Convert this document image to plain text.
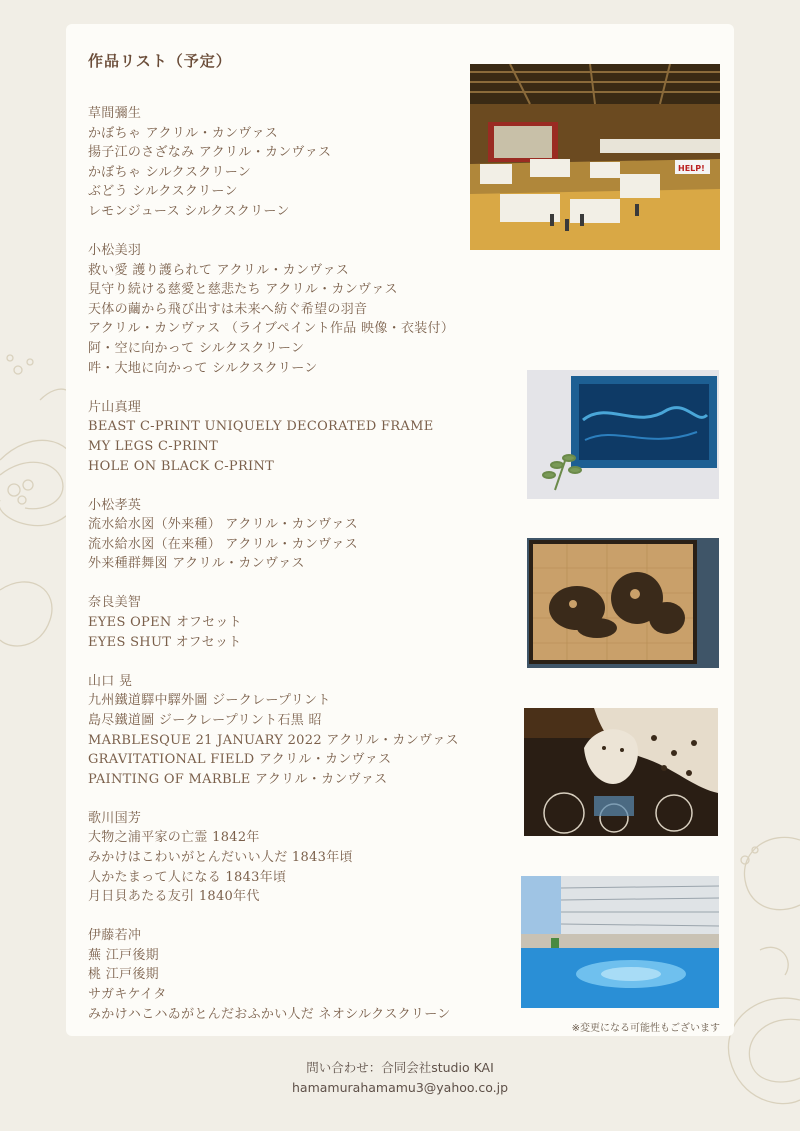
作品リスト（予定）
草間彌生
かぼちゃ アクリル・カンヴァス
揚子江のさざなみ アクリル・カンヴァス
かぼちゃ シルクスクリーン
ぶどう シルクスクリーン
レモンジュース シルクスクリーン
小松美羽
救い愛 護り護られて アクリル・カンヴァス
見守り続ける慈愛と慈悲たち アクリル・カンヴァス
天体の繭から飛び出すは未来へ紡ぐ希望の羽音
アクリル・カンヴァス （ライブペイント作品 映像・衣装付）
阿・空に向かって シルクスクリーン
吽・大地に向かって シルクスクリーン
片山真理
BEAST C-PRINT UNIQUELY DECORATED FRAME
MY LEGS C-PRINT
HOLE ON BLACK C-PRINT
小松孝英
流水給水図（外来種） アクリル・カンヴァス
流水給水図（在来種） アクリル・カンヴァス
外来種群舞図 アクリル・カンヴァス
奈良美智
EYES OPEN オフセット
EYES SHUT オフセット
山口 晃
九州鐵道驛中驛外圖 ジークレープリント
島尽鐵道圖 ジークレープリント石黒 昭
MARBLESQUE 21 JANUARY 2022 アクリル・カンヴァス
GRAVITATIONAL FIELD アクリル・カンヴァス
PAINTING OF MARBLE アクリル・カンヴァス
歌川国芳
大物之浦平家の亡霊 1842年
みかけはこわいがとんだいい人だ 1843年頃
人かたまって人になる 1843年頃
月日貝あたる友引 1840年代
伊藤若冲
蕪 江戸後期
桃 江戸後期
サガキケイタ
みかけハこハゐがとんだおふかい人だ ネオシルクスクリーン
HELP!
※変更になる可能性もございます
問い合わせ：合同会社studio KAI
hamamurahamamu3@yahoo.co.jp
